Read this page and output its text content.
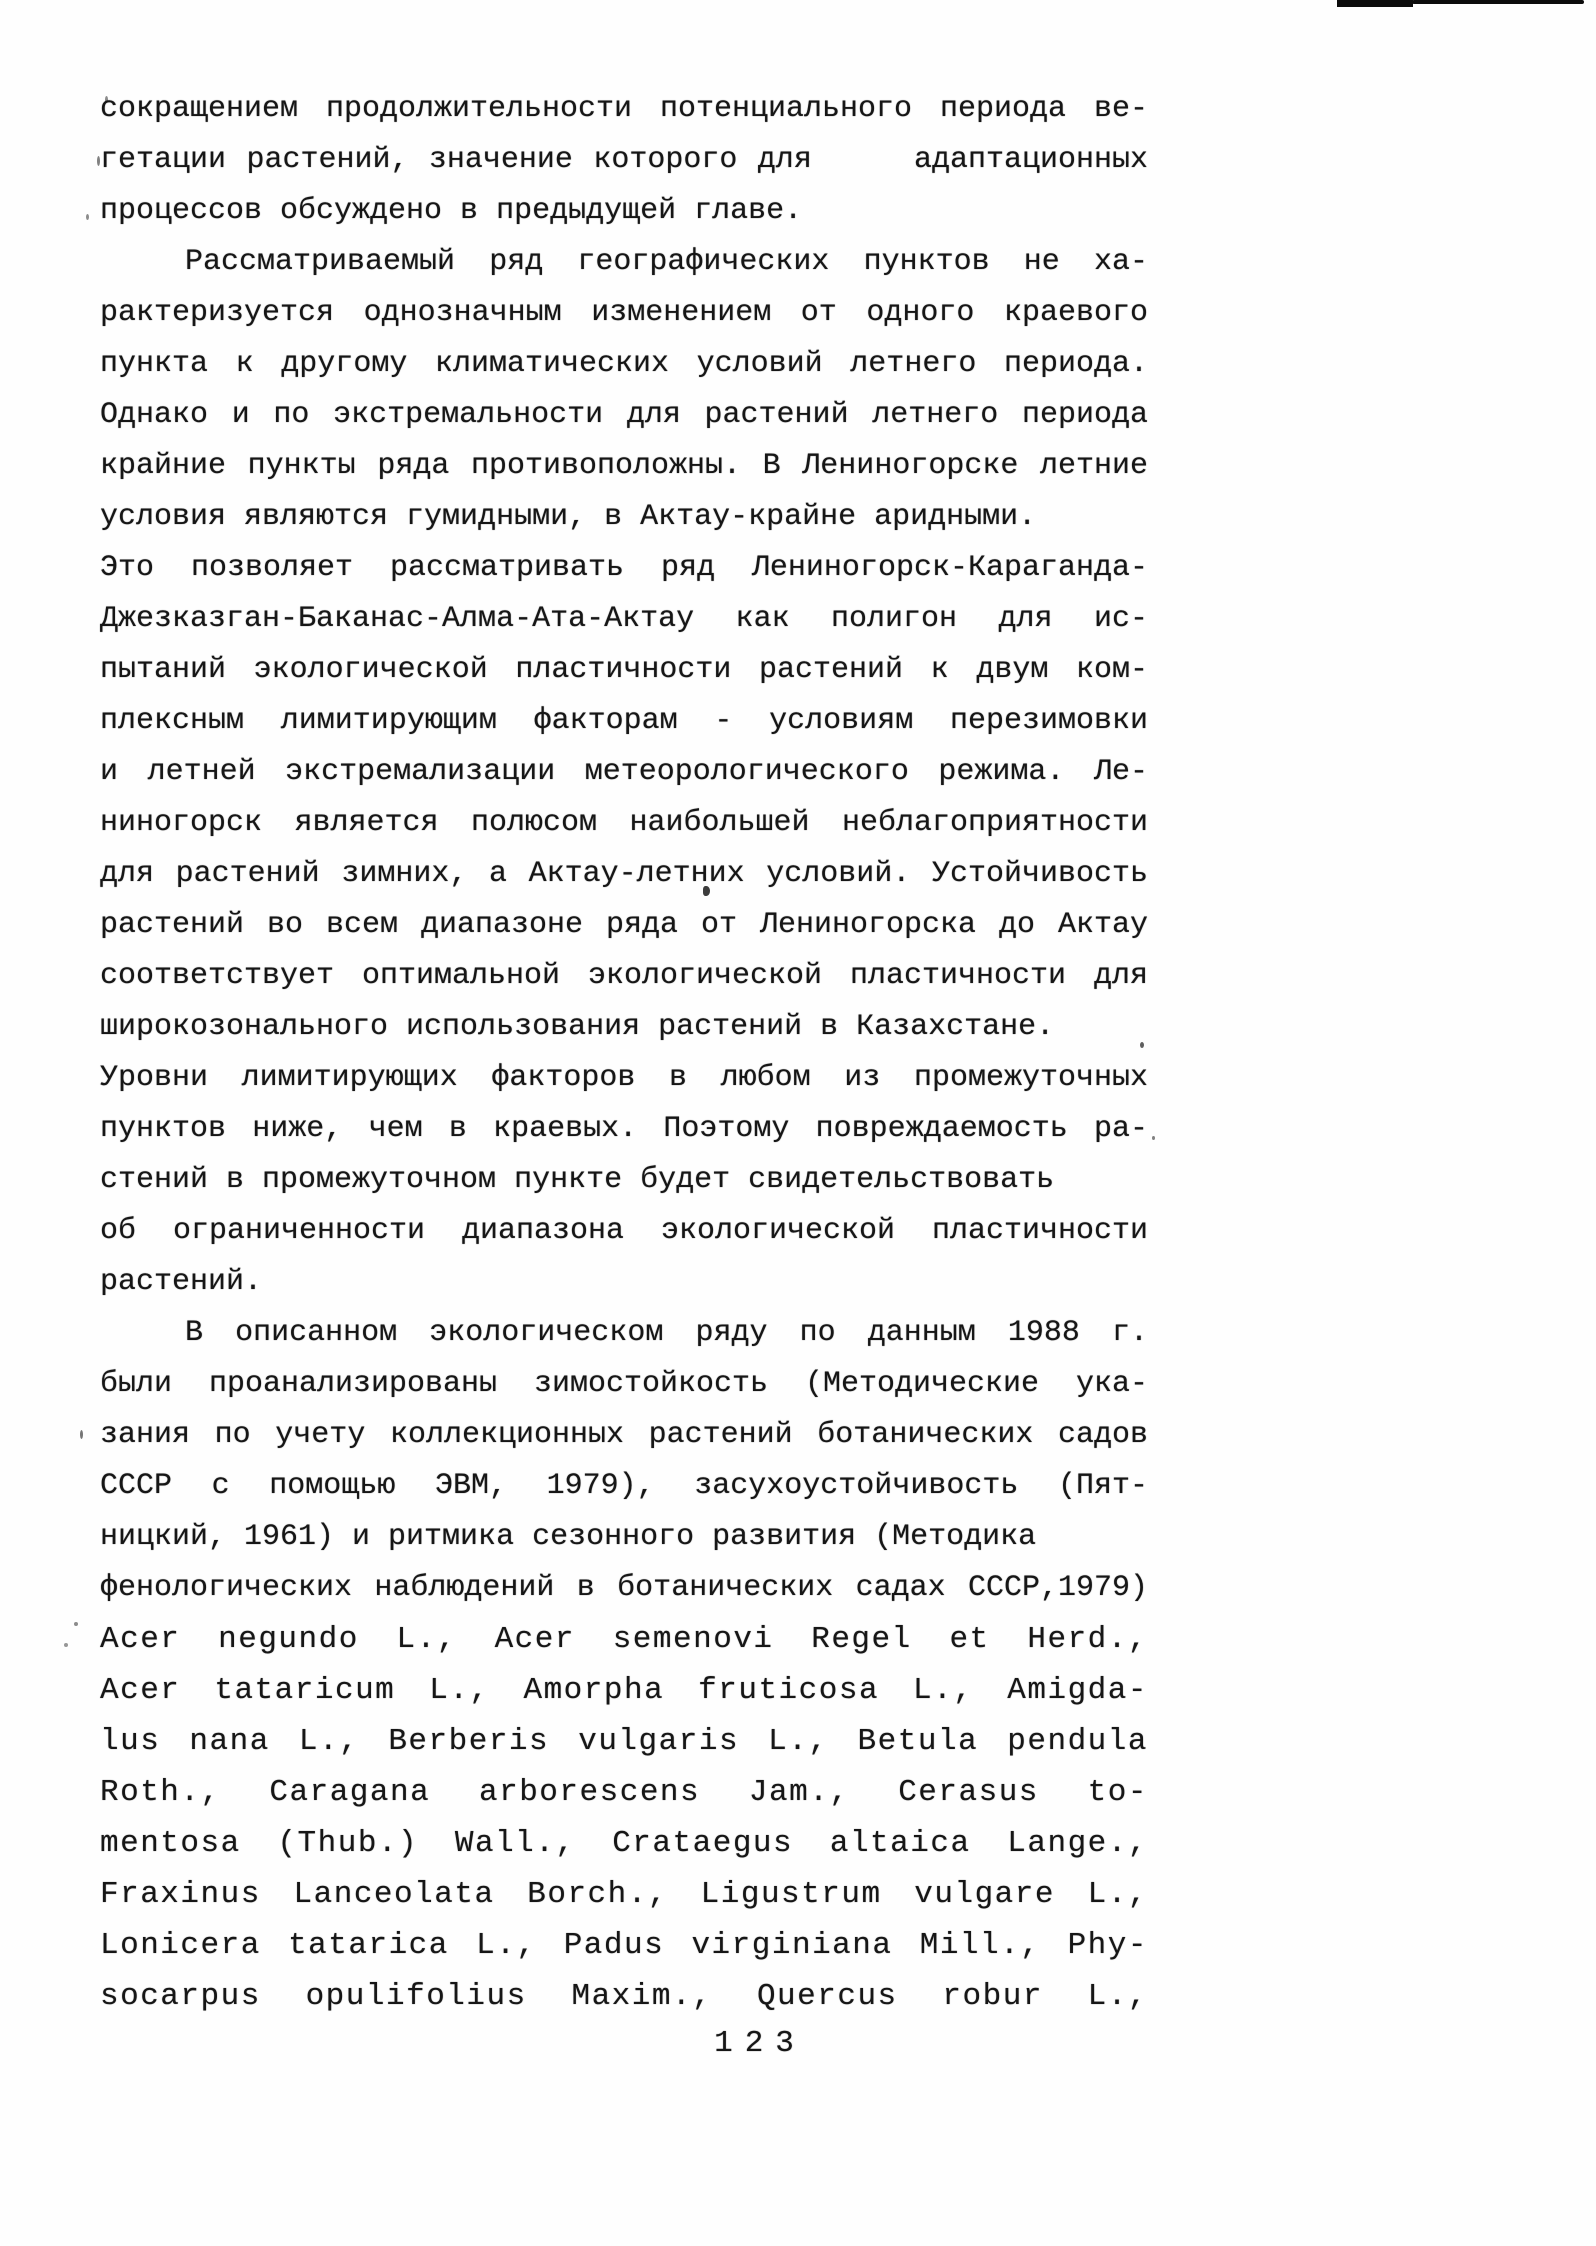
сокращением продолжительности потенциального периода ве-
гетации растений, значение которого для     адаптационных
процессов обсуждено в предыдущей главе.
Рассматриваемый ряд географических пунктов не ха-
рактеризуется однозначным изменением от одного краевого
пункта к другому климатических условий летнего периода.
Однако и по экстремальности для растений летнего периода
крайние пункты ряда противоположны. В Лениногорске летние
условия являются гумидными, в Актау-крайне аридными.
Это позволяет рассматривать ряд Лениногорск-Караганда-
Джезказган-Баканас-Алма-Ата-Актау как полигон для ис-
пытаний экологической пластичности растений к двум ком-
плексным лимитирующим факторам - условиям перезимовки
и летней экстремализации метеорологического режима. Ле-
ниногорск является полюсом наибольшей неблагоприятности
для растений зимних, а Актау-летних условий. Устойчивость
растений во всем диапазоне ряда от Лениногорска до Актау
соответствует оптимальной экологической пластичности для
широкозонального использования растений в Казахстане.
Уровни лимитирующих факторов в любом из промежуточных
пунктов ниже, чем в краевых. Поэтому повреждаемость ра-
стений в промежуточном пункте будет свидетельствовать
об ограниченности диапазона экологической пластичности
растений.
В описанном экологическом ряду по данным 1988 г.
были проанализированы зимостойкость (Методические ука-
зания по учету коллекционных растений ботанических садов
СССР с помощью ЭВМ, 1979), засухоустойчивость (Пят-
ницкий, 1961) и ритмика сезонного развития (Методика
фенологических наблюдений в ботанических садах СССР,1979)
Acer negundo L., Acer semenovi Regel et Herd.,
Acer tataricum L., Amorpha fruticosa L., Amigda-
lus nana L., Berberis vulgaris L., Betula pendula
Roth., Caragana arborescens Jam., Cerasus to-
mentosa (Thub.) Wall., Crataegus altaica Lange.,
Fraxinus Lanceolata Borch., Ligustrum vulgare L.,
Lonicera tatarica L., Padus virginiana Mill., Phy-
socarpus opulifolius Maxim., Quercus robur L.,
123
